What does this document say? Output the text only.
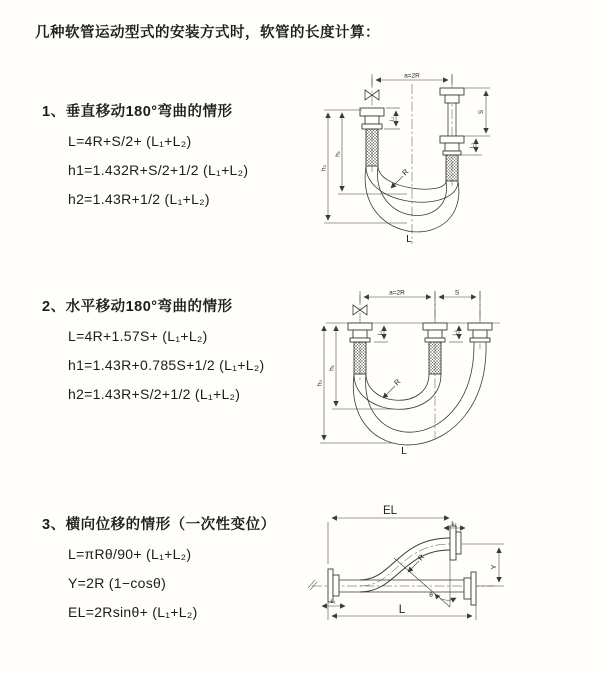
几种软管运动型式的安装方式时，软管的长度计算：
1、垂直移动180°弯曲的情形
L=4R+S/2+ (L₁+L₂)
h1=1.432R+S/2+1/2 (L₁+L₂)
h2=1.43R+1/2 (L₁+L₂)
a=2R
h₁
h₂
L₁
S
L₂
R
L
2、水平移动180°弯曲的情形
L=4R+1.57S+ (L₁+L₂)
h1=1.43R+0.785S+1/2 (L₁+L₂)
h2=1.43R+S/2+1/2 (L₁+L₂)
a=2R	S
h₁
h₂
L₁	L₂
R
L
3、横向位移的情形（一次性变位）
L=πRθ/90+ (L₁+L₂)
Y=2R (1−cosθ)
EL=2Rsinθ+ (L₁+L₂)
EL
L₂
Y
θ
R
L₁
L
